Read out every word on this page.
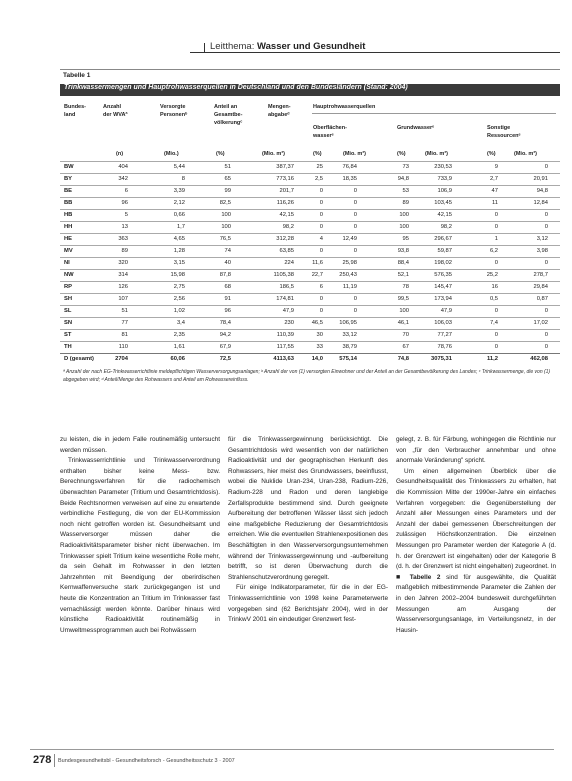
Leitthema: Wasser und Gesundheit
Tabelle 1
Trinkwassermengen und Hauptrohwasserquellen in Deutschland und den Bundesländern (Stand: 2004)
Bundes-
land
Anzahl
der WVAª
Versorgte
Personenᵇ
Anteil an
Gesamtbe-
völkerungᶜ
Mengen-
abgabeᵈ
Hauptrohwasserquellen
Oberflächen-
wasserᵉ
Grundwasserᵉ	Sonstige
Ressourcenᵉ
(n)	(Mio.)	(%)	(Mio. m³)	(%)	(Mio. m³)	(%)	(Mio. m³)	(%)	(Mio. m³)
BW	404	5,44	51	387,37	25	76,84	73	230,53	9	0
BY	342	8	65	773,16	2,5	18,35	94,8	733,9	2,7	20,91
BE	6	3,39	99	201,7	0	0	53	106,9	47	94,8
BB	96	2,12	82,5	116,26	0	0	89	103,45	11	12,84
HB	5	0,66	100	42,15	0	0	100	42,15	0	0
HH	13	1,7	100	98,2	0	0	100	98,2	0	0
HE	363	4,65	76,5	312,28	4	12,49	95	296,67	1	3,12
MV	89	1,28	74	63,85	0	0	93,8	59,87	6,2	3,98
NI	320	3,15	40	224	11,6	25,98	88,4	198,02	0	0
NW	314	15,98	87,8	1105,38	22,7	250,43	52,1	576,35	25,2	278,7
RP	126	2,75	68	186,5	6	11,19	78	145,47	16	29,84
SH	107	2,56	91	174,81	0	0	99,5	173,94	0,5	0,87
SL	51	1,02	96	47,9	0	0	100	47,9	0	0
SN	77	3,4	78,4	230	46,5	106,95	46,1	106,03	7,4	17,02
ST	81	2,35	94,2	110,39	30	33,12	70	77,27	0	0
TH	110	1,61	67,9	117,55	33	38,79	67	78,76	0	0
D (gesamt)	2704	60,06	72,5	4113,63	14,0	575,14	74,8	3075,31	11,2	462,08
ª Anzahl der nach EG-Trinkwasserrichtlinie meldepflichtigen Wasserversorgungsanlagen; ᵇ Anzahl der von (1) versorgten Einwohner und der Anteil an der Gesamtbevölkerung des Landes; ᶜ Trinkwassermenge, die von (1) abgegeben wird; ᵈ Anteil/Menge des Rohwassers und Anteil am Rohwassereinfluss.

zu leisten, die in jedem Falle routinemäßig untersucht werden müssen.

Trinkwasserrichtlinie und Trinkwasserverordnung enthalten bisher keine Mess- bzw. Berechnungsverfahren für die radiochemisch überwachten Parameter (Tritium und Gesamtrichtdosis). Beide Rechtsnormen verweisen auf eine zu erwartende verbindliche Festlegung, die von der EU-Kommission noch nicht getroffen worden ist. Gesundheitsamt und Wasserversorger müssen daher die Radioaktivitätsparameter bisher nicht überwachen. Im Trinkwasser spielt Tritium keine wesentliche Rolle mehr, da sein Gehalt im Rohwasser in den letzten Jahrzehnten mit Beendigung der oberirdischen Kernwaffenversuche stark zurückgegangen ist und heute die Konzentration an Tritium im Trinkwasser fast vernachlässigt werden könnte. Darüber hinaus wird künstliche Radioaktivität routinemäßig in Umweltmessprogrammen auch bei Rohwässern

für die Trinkwassergewinnung berücksichtigt. Die Gesamtrichtdosis wird wesentlich von der natürlichen Radioaktivität und der geographischen Herkunft des Rohwassers, hier meist des Grundwassers, beeinflusst, wobei die Nuklide Uran-234, Uran-238, Radium-226, Radium-228 und Radon und deren langlebige Zerfallsprodukte bestimmend sind. Durch geeignete Aufbereitung der betroffenen Wässer lässt sich jedoch eine maßgebliche Reduzierung der Gesamtrichtdosis erreichen. Wie die eventuellen Strahlenexpositionen des Beschäftigten in den Wasserversorgungsunternehmen während der Trinkwassergewinnung und -aufbereitung betrifft, so ist deren Überwachung durch die Strahlenschutzverordnung geregelt.

Für einige Indikatorparameter, für die in der EG-Trinkwasserrichtlinie von 1998 keine Parameterwerte vorgegeben sind (62 Berichtsjahr 2004), wird in der TrinkwV 2001 ein eindeutiger Grenzwert fest-

gelegt, z. B. für Färbung, wohingegen die Richtlinie nur von „für den Verbraucher annehmbar und ohne anormale Veränderung" spricht.

Um einen allgemeinen Überblick über die Gesundheitsqualität des Trinkwassers zu erhalten, hat die Kommission Mitte der 1990er-Jahre ein einfaches Verfahren vorgegeben: die Gegenüberstellung der Anzahl aller Messungen eines Parameters und der Anzahl der dabei gemessenen Überschreitungen der zulässigen Höchstkonzentration. Die einzelnen Messungen pro Parameter werden der Kategorie A (d. h. der Grenzwert ist eingehalten) oder der Kategorie B (d. h. der Grenzwert ist nicht eingehalten) zugeordnet. In ■ Tabelle 2 sind für ausgewählte, die Qualität maßgeblich mitbestimmende Parameter die Zahlen der in den Jahren 2002–2004 bundesweit durchgeführten Messungen am Ausgang der Wasserversorgungsanlage, im Verteilungsnetz, in der Hausin-

278 Bundesgesundheitsbl - Gesundheitsforsch - Gesundheitsschutz 3 · 2007
